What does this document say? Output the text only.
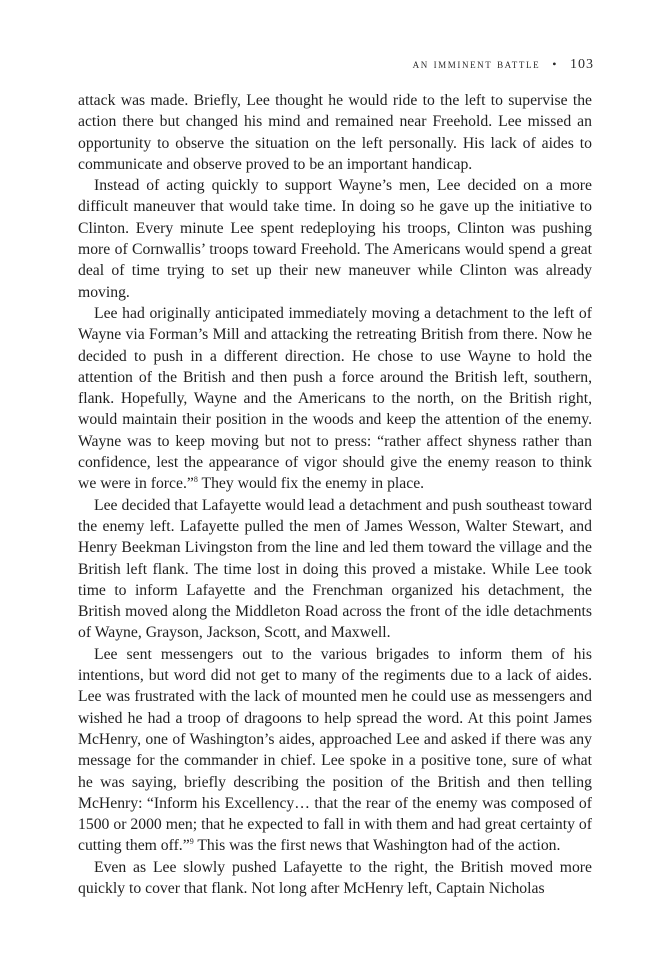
an imminent battle • 103

attack was made. Briefly, Lee thought he would ride to the left to supervise the action there but changed his mind and remained near Freehold. Lee missed an opportunity to observe the situation on the left personally. His lack of aides to communicate and observe proved to be an important handicap.

Instead of acting quickly to support Wayne’s men, Lee decided on a more difficult maneuver that would take time. In doing so he gave up the initiative to Clinton. Every minute Lee spent redeploying his troops, Clinton was pushing more of Cornwallis’ troops toward Freehold. The Americans would spend a great deal of time trying to set up their new maneuver while Clinton was already moving.

Lee had originally anticipated immediately moving a detachment to the left of Wayne via Forman’s Mill and attacking the retreating British from there. Now he decided to push in a different direction. He chose to use Wayne to hold the attention of the British and then push a force around the British left, southern, flank. Hopefully, Wayne and the Americans to the north, on the British right, would maintain their position in the woods and keep the attention of the enemy. Wayne was to keep moving but not to press: “rather affect shyness rather than confidence, lest the appearance of vigor should give the enemy reason to think we were in force.”$^8$ They would fix the enemy in place.

Lee decided that Lafayette would lead a detachment and push southeast toward the enemy left. Lafayette pulled the men of James Wesson, Walter Stewart, and Henry Beekman Livingston from the line and led them toward the village and the British left flank. The time lost in doing this proved a mistake. While Lee took time to inform Lafayette and the Frenchman organized his detachment, the British moved along the Middleton Road across the front of the idle detachments of Wayne, Grayson, Jackson, Scott, and Maxwell.

Lee sent messengers out to the various brigades to inform them of his intentions, but word did not get to many of the regiments due to a lack of aides. Lee was frustrated with the lack of mounted men he could use as messengers and wished he had a troop of dragoons to help spread the word. At this point James McHenry, one of Washington’s aides, approached Lee and asked if there was any message for the commander in chief. Lee spoke in a positive tone, sure of what he was saying, briefly describing the position of the British and then telling McHenry: “Inform his Excellency… that the rear of the enemy was composed of 1500 or 2000 men; that he expected to fall in with them and had great certainty of cutting them off.”$^9$ This was the first news that Washington had of the action.

Even as Lee slowly pushed Lafayette to the right, the British moved more quickly to cover that flank. Not long after McHenry left, Captain Nicholas
